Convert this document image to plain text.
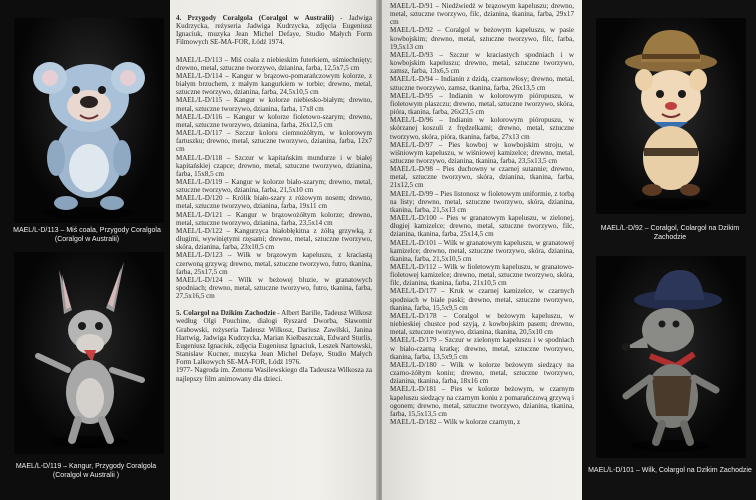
MAEL/L-D/113 – Miś coala, Przygody Coralgola (Coralgol w Australii)
MAEL/L-D/119 – Kangur, Przygody Coralgola (Coralgol w Australii )

4. Przygody Coralgola (Coralgol w Australii) - Jadwiga Kudrzycka, reżyseria Jadwiga Kudrzycka, zdjęcia Eugeniusz Ignaciuk, muzyka Jean Michel Defaye, Studio Małych Form Filmowych SE-MA-FOR, Łódź 1974.

MAEL/L-D/113 – Miś coala z niebieskim futerkiem, uśmiechnięty; drewno, metal, sztuczne tworzywo, dzianina, farba, 12,5x7,5 cm

MAEL/L-D/114 – Kangur w brązowo-pomarańczowym kolorze, z białym brzuchem, z małym kangurkiem w torbie; drewno, metal, sztuczne tworzywo, dzianina, farba, 24,5x10,5 cm

MAEL/L-D/115 – Kangur w kolorze niebiesko-białym; drewno, metal, sztuczne tworzywo, dzianina, farba, 17x8 cm

MAEL/L-D/116 – Kangur w kolorze fioletowo-szarym; drewno, metal, sztuczne tworzywo, dzianina, farba, 26x12,5 cm

MAEL/L-D/117 – Szczur koloru ciemnożółtym, w kolorowym fartuszku; drewno, metal, sztuczne tworzywo, dzianina, farba, 12x7 cm

MAEL/L-D/118 – Szczur w kapitańskim mundurze i w białej kapitańskiej czapce; drewno, metal, sztuczne tworzywo, dzianina, farba, 15x8,5 cm

MAEL/L-D/119 – Kangur w kolorze biało-szarym; drewno, metal, sztuczne tworzywo, dzianina, farba, 21,5x10 cm

MAEL/L-D/120 – Królik biało-szary z różowym nosem; drewno, metal, sztuczne tworzywo, dzianina, farba, 19x11 cm

MAEL/L-D/121 – Kangur w brązowożółtym kolorze; drewno, metal, sztuczne tworzywo, dzianina, farba, 23,5x14 cm

MAEL/L-D/122 – Kangurzyca białobłękitna z żółtą grzywką, z długimi, wywiniętymi rzęsami; drewno, metal, sztuczne tworzywo, skóra, dzianina, farba, 23x10,5 cm

MAEL/L-D/123 – Wilk w brązowym kapeluszu, z kraciastą czerwoną grzywą; drewno, metal, sztuczne tworzywo, futro, tkanina, farba, 25x17,5 cm

MAEL/L-D/124 – Wilk w beżowej bluzie, w granatowych spodniach; drewno, metal, sztuczne tworzywo, futro, tkanina, farba, 27,5x16,5 cm

5. Colargol na Dzikim Zachodzie - Albert Barille, Tadeusz Wilkosz według Olgi Pouchine, dialogi Ryszard Dworba, Sławomir Grabowski, reżyseria Tadeusz Wilkosz, Dariusz Zawilski, Janina Hartwig, Jadwiga Kudrzycka, Marian Kiełbaszczak, Edward Sturlis, Eugeniusz Ignaciuk, zdjęcia Eugeniusz Ignaciuk, Leszek Nartowski, Stanisław Kucner, muzyka Jean Michel Defaye, Studio Małych Form Lalkowych SE-MA-FOR, Łódź 1976.

1977- Nagroda im. Zenona Wasilewskiego dla Tadeusza Wilkosza za najlepszy film animowany dla dzieci.

MAEL/L-D/91 – Niedźwiedź w brązowym kapeluszu; drewno, metal, sztuczne tworzywo, filc, dzianina, tkanina, farba, 29x17 cm

MAEL/L-D/92 – Coralgol w beżowym kapeluszu, w pasie kowbojskim; drewno, metal, sztuczne tworzywo, filc, farba, 19,5x13 cm

MAEL/L-D/93 – Szczur w kraciastych spodniach i w kowbojskim kapeluszu; drewno, metal, sztuczne tworzywo, zamsz, farba, 13x6,5 cm

MAEL/L-D/94 – Indianin z dzidą, czarnowłosy; drewno, metal, sztuczne tworzywo, zamsz, tkanina, farba, 26x13,5 cm

MAEL/L-D/95 – Indianin w kolorowym pióropuszu, w fioletowym płaszczu; drewno, metal, sztuczne tworzywo, skóra, pióra, tkanina, farba, 26x23,5 cm

MAEL/L-D/96 – Indianin w kolorowym pióropuszu, w skórzanej koszuli z frędzelkami; drewno, metal, sztuczne tworzywo, skóra, pióra, tkanina, farba, 27x13 cm

MAEL/L-D/97 – Pies kowboj w kowbojskim stroju, w wiśniowym kapeluszu, w wiśniowej kamizelce; drewno, metal, sztuczne tworzywo, dzianina, tkanina, farba, 23,5x13,5 cm

MAEL/L-D/98 – Pies duchowny w czarnej sutannie; drewno, metal, sztuczne tworzywo, skóra, dzianina, tkanina, farba, 21x12,5 cm

MAEL/L-D/99 – Pies listonosz w fioletowym uniformie, z torbą na listy; drewno, metal, sztuczne tworzywo, skóra, dzianina, tkanina, farba, 21,5x13 cm

MAEL/L-D/100 – Pies w granatowym kapeluszu, w zielonej, długiej kamizelce; drewno, metal, sztuczne tworzywo, filc, dzianina, tkanina, farba, 25x14,5 cm

MAEL/L-D/101 – Wilk w granatowym kapeluszu, w granatowej kamizelce; drewno, metal, sztuczne tworzywo, skóra, dzianina, tkanina, farba, 21,5x10,5 cm

MAEL/L-D/112 – Wilk w fioletowym kapeluszu, w granatowo-fioletowej kamizelce; drewno, metal, sztuczne tworzywo, skóra, filc, dzianina, tkanina, farba, 21x10,5 cm

MAEL/L-D/177 – Kruk w czarnej kamizelce, w czarnych spodniach w białe paski; drewno, metal, sztuczne tworzywo, tkanina, farba, 15,5x9,5 cm

MAEL/L-D/178 – Coralgol w beżowym kapeluszu, w niebieskiej chustce pod szyją, z kowbojskim pasem; drewno, metal, sztuczne tworzywo, dzianina, tkanina, 20,5x10 cm

MAEL/L-D/179 – Szczur w zielonym kapeluszu i w spodniach w biało-czarną kratkę; drewno, metal, sztuczne tworzywo, tkanina, farba, 13,5x9,5 cm

MAEL/L-D/180 – Wilk w kolorze beżowym siedzący na czarno-żółtym koniu; drewno, metal, sztuczne tworzywo, dzianina, tkanina, farba, 18x16 cm

MAEL/L-D/181 – Pies w kolorze beżowym, w czarnym kapeluszu siedzący na czarnym koniu z pomarańczową grzywą i ogonem; drewno, metal, sztuczne tworzywo, dzianina, tkanina, farba, 15,5x13,5 cm

MAEL/L-D/182 – Wilk w kolorze czarnym, z

MAEL/L-D/92 – Coralgol, Colargol na Dzikim Zachodzie
MAEL/L-D/101 – Wilk, Colargol na Dzikim Zachodzie
